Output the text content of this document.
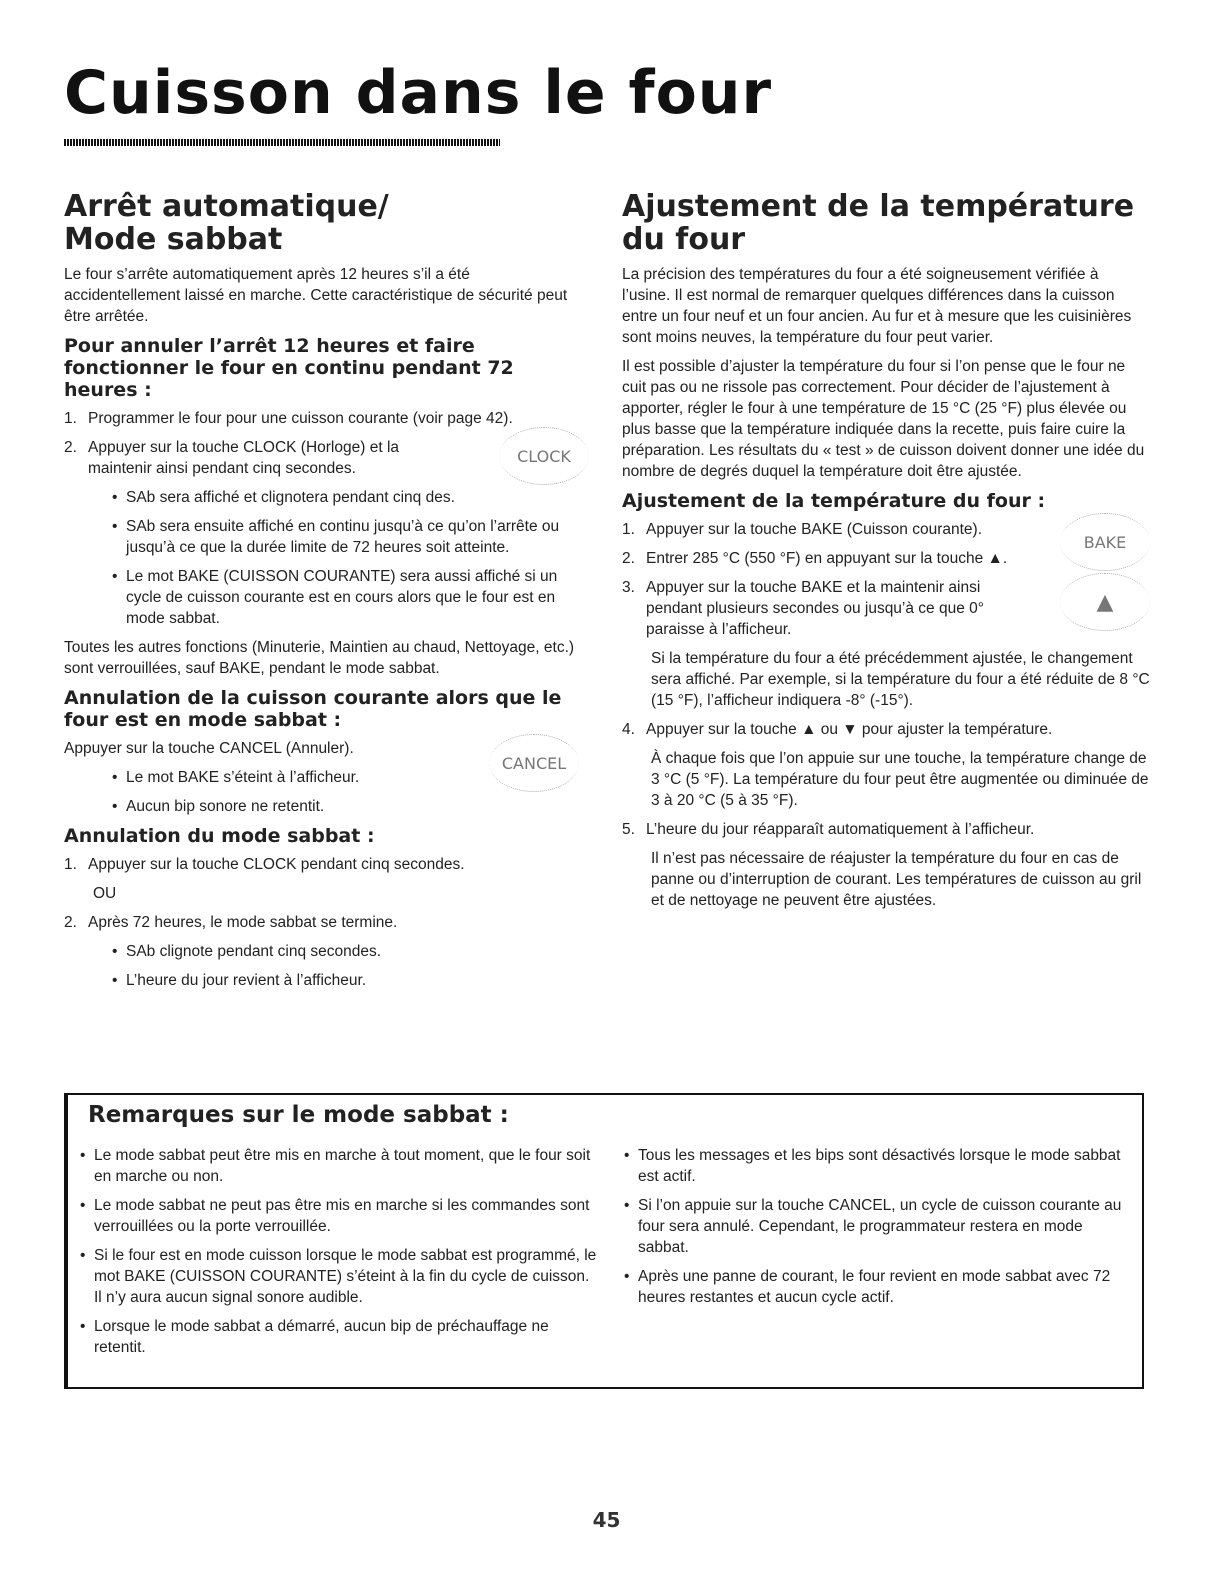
Cuisson dans le four
Arrêt automatique/
Mode sabbat

Le four s’arrête automatiquement après 12 heures s’il a été accidentellement laissé en marche. Cette caractéristique de sécurité peut être arrêtée.

Pour annuler l’arrêt 12 heures et faire fonctionner le four en continu pendant 72 heures :
1. Programmer le four pour une cuisson courante (voir page 42).
2. Appuyer sur la touche CLOCK (Horloge) et la maintenir ainsi pendant cinq secondes.
CLOCK
• SAb sera affiché et clignotera pendant cinq des.
• SAb sera ensuite affiché en continu jusqu’à ce qu’on l’arrête ou jusqu’à ce que la durée limite de 72 heures soit atteinte.
• Le mot BAKE (CUISSON COURANTE) sera aussi affiché si un cycle de cuisson courante est en cours alors que le four est en mode sabbat.

Toutes les autres fonctions (Minuterie, Maintien au chaud, Nettoyage, etc.) sont verrouillées, sauf BAKE, pendant le mode sabbat.

Annulation de la cuisson courante alors que le four est en mode sabbat :

Appuyer sur la touche CANCEL (Annuler).

CANCEL
• Le mot BAKE s’éteint à l’afficheur.
• Aucun bip sonore ne retentit.
Annulation du mode sabbat :
1. Appuyer sur la touche CLOCK pendant cinq secondes.

OU

2. Après 72 heures, le mode sabbat se termine.
• SAb clignote pendant cinq secondes.
• L’heure du jour revient à l’afficheur.
Ajustement de la température
du four

La précision des températures du four a été soigneusement vérifiée à l’usine. Il est normal de remarquer quelques différences dans la cuisson entre un four neuf et un four ancien. Au fur et à mesure que les cuisinières sont moins neuves, la température du four peut varier.

Il est possible d’ajuster la température du four si l’on pense que le four ne cuit pas ou ne rissole pas correctement. Pour décider de l’ajustement à apporter, régler le four à une température de 15 °C (25 °F) plus élevée ou plus basse que la température indiquée dans la recette, puis faire cuire la préparation. Les résultats du « test » de cuisson doivent donner une idée du nombre de degrés duquel la température doit être ajustée.

Ajustement de la température du four :
1. Appuyer sur la touche BAKE (Cuisson courante).
2. Entrer 285 °C (550 °F) en appuyant sur la touche ▲.
BAKE
3. Appuyer sur la touche BAKE et la maintenir ainsi pendant plusieurs secondes ou jusqu’à ce que 0° paraisse à l’afficheur.
▲

Si la température du four a été précédemment ajustée, le changement sera affiché. Par exemple, si la température du four a été réduite de 8 °C (15 °F), l’afficheur indiquera -8° (-15°).

4. Appuyer sur la touche ▲ ou ▼ pour ajuster la température.

À chaque fois que l’on appuie sur une touche, la température change de 3 °C (5 °F). La température du four peut être augmentée ou diminuée de 3 à 20 °C (5 à 35 °F).

5. L’heure du jour réapparaît automatiquement à l’afficheur.

Il n’est pas nécessaire de réajuster la température du four en cas de panne ou d’interruption de courant. Les températures de cuisson au gril et de nettoyage ne peuvent être ajustées.

Remarques sur le mode sabbat :
• Le mode sabbat peut être mis en marche à tout moment, que le four soit en marche ou non.
• Le mode sabbat ne peut pas être mis en marche si les commandes sont verrouillées ou la porte verrouillée.
• Si le four est en mode cuisson lorsque le mode sabbat est programmé, le mot BAKE (CUISSON COURANTE) s’éteint à la fin du cycle de cuisson. Il n’y aura aucun signal sonore audible.
• Lorsque le mode sabbat a démarré, aucun bip de préchauffage ne retentit.
• Tous les messages et les bips sont désactivés lorsque le mode sabbat est actif.
• Si l’on appuie sur la touche CANCEL, un cycle de cuisson courante au four sera annulé. Cependant, le programmateur restera en mode sabbat.
• Après une panne de courant, le four revient en mode sabbat avec 72 heures restantes et aucun cycle actif.
45
